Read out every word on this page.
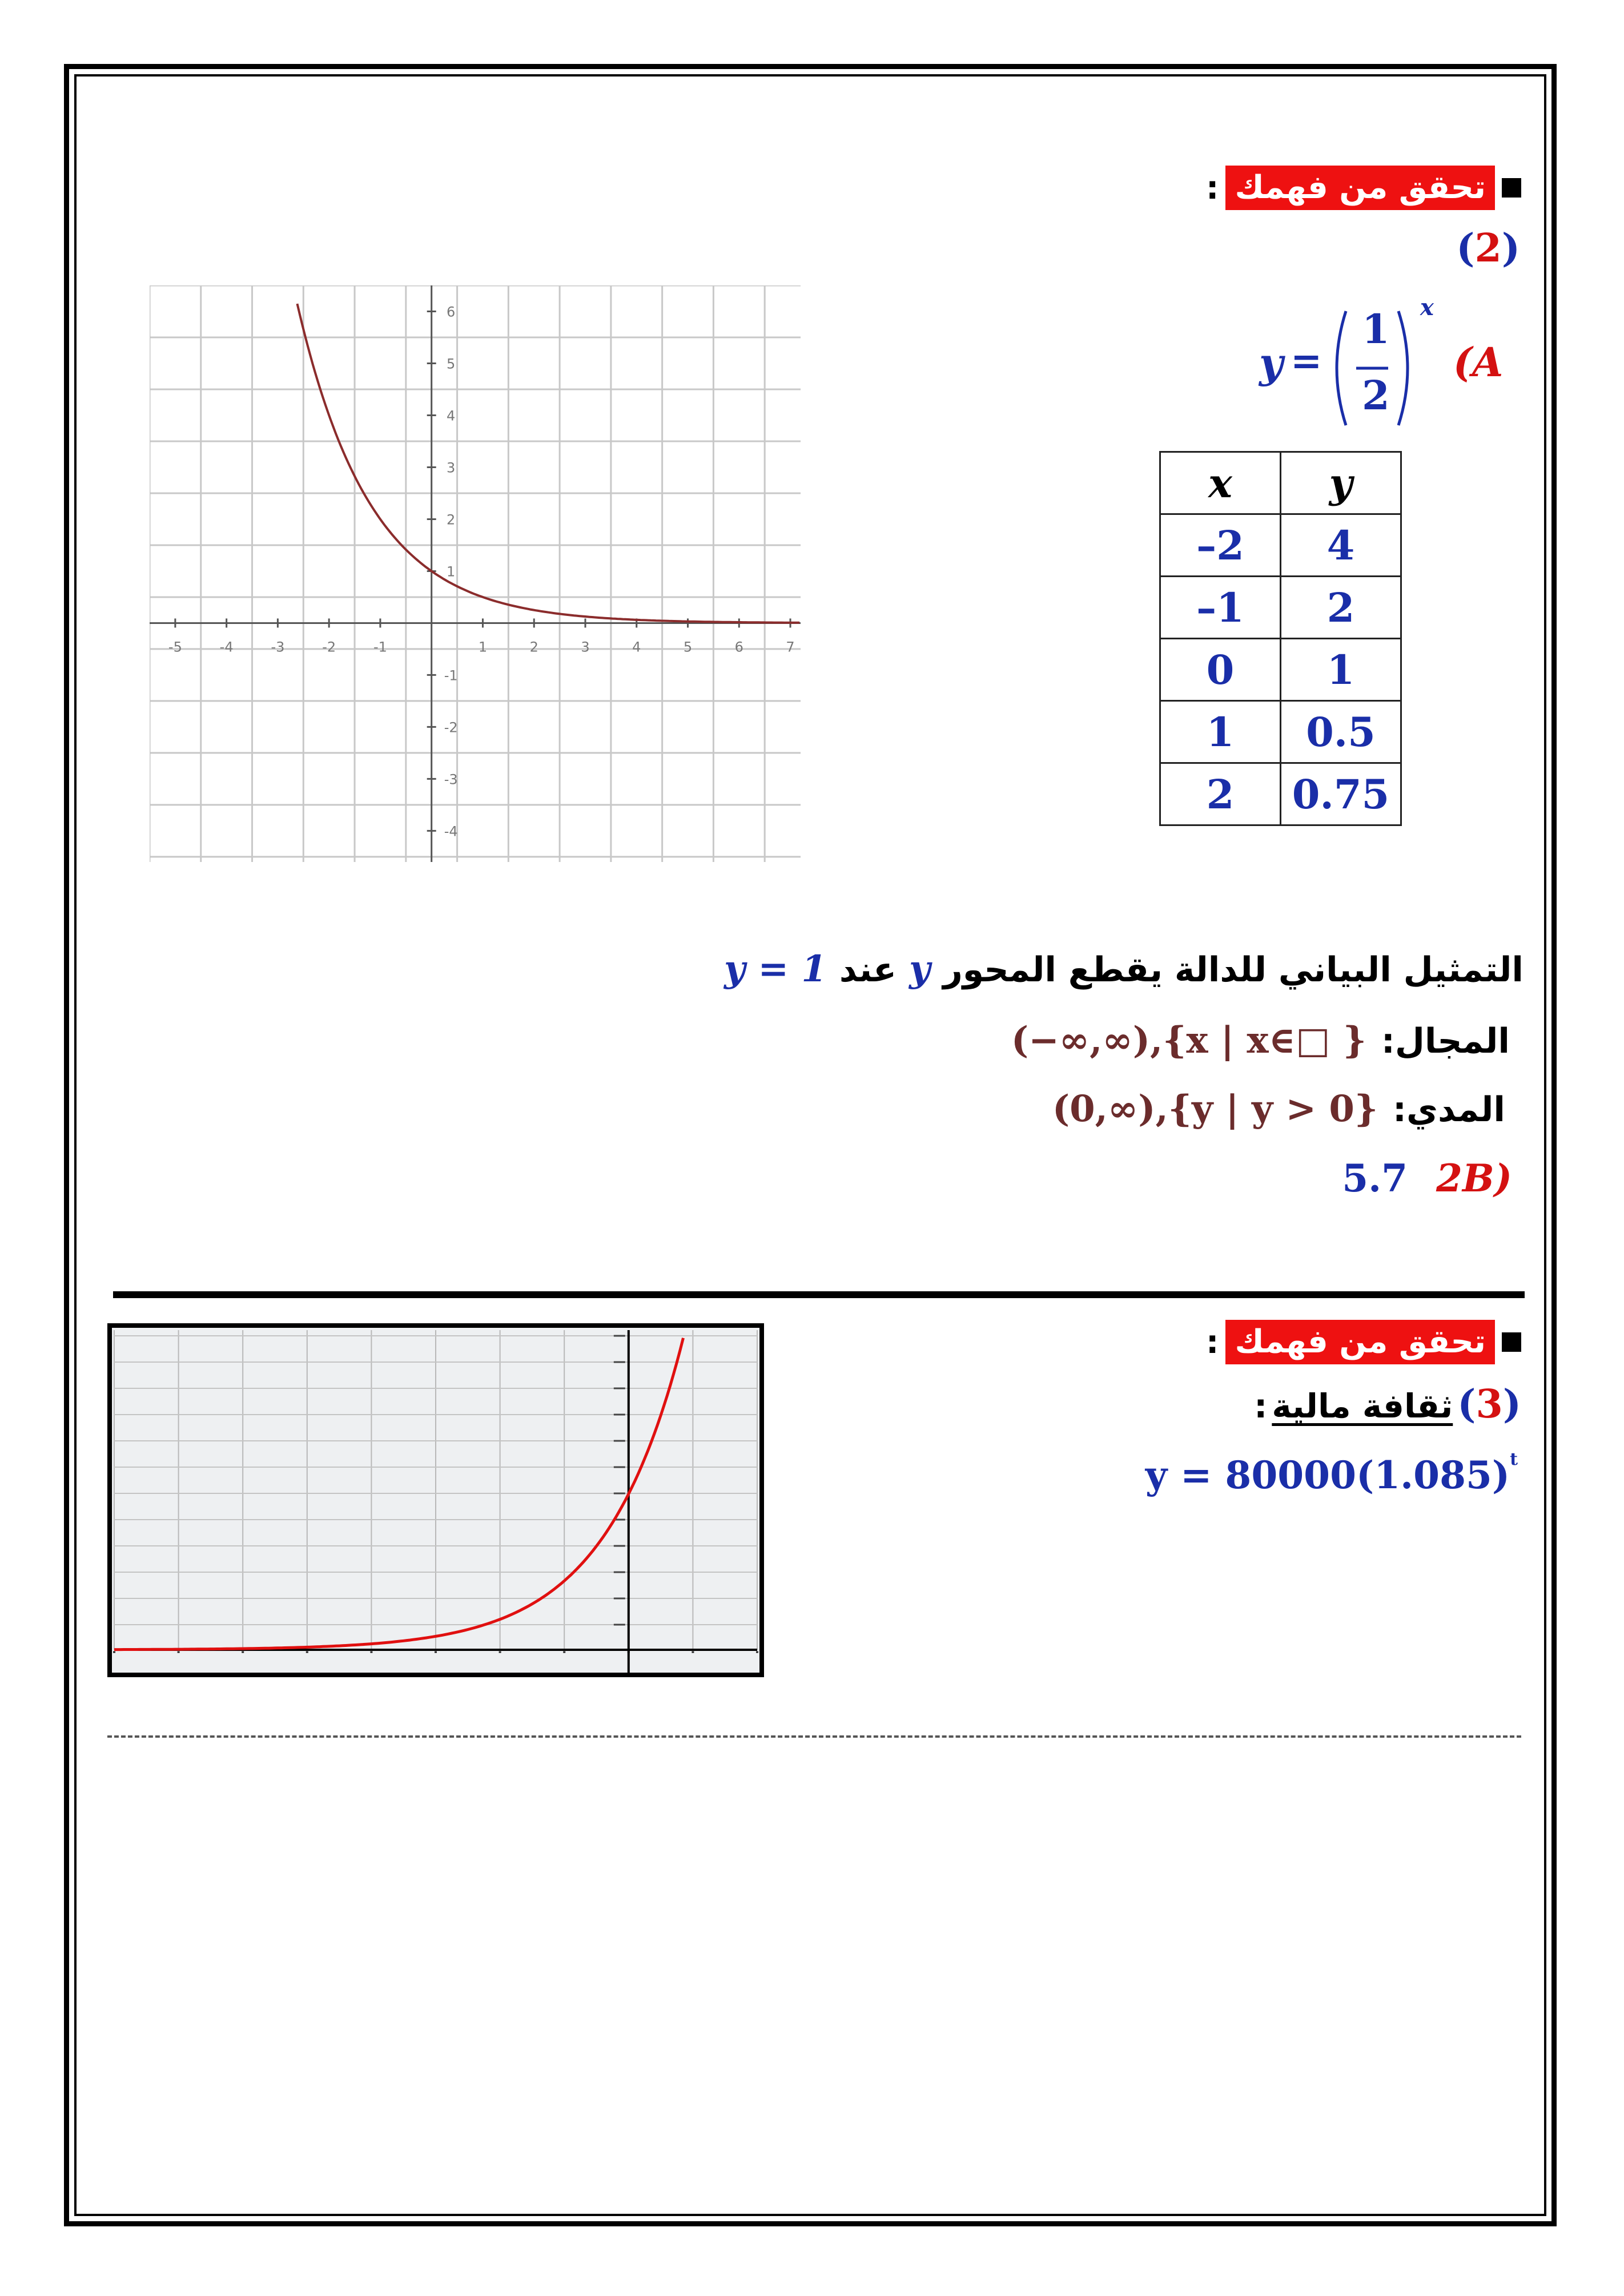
تحقق من فهمك
:
(2)
y =
1
2
x
(A
x	y
–2	4
–1	2
0	1
1	0.5
2	0.75
-5	-4	-3	-2	-1	1	2	3	4	5	6	7
6
5
4
3
2
1
-1
-2
-3
-4
التمثيل البياني للدالة يقطع المحور
y
عند
y = 1
المجال:
(−∞,∞),{x | x∈□ }
المدي:
(0,∞),{y | y > 0}
(2B
5.7
تحقق من فهمك
:
(3)
ثقافة مالية
:
$y = 80000(1.085)^t$
